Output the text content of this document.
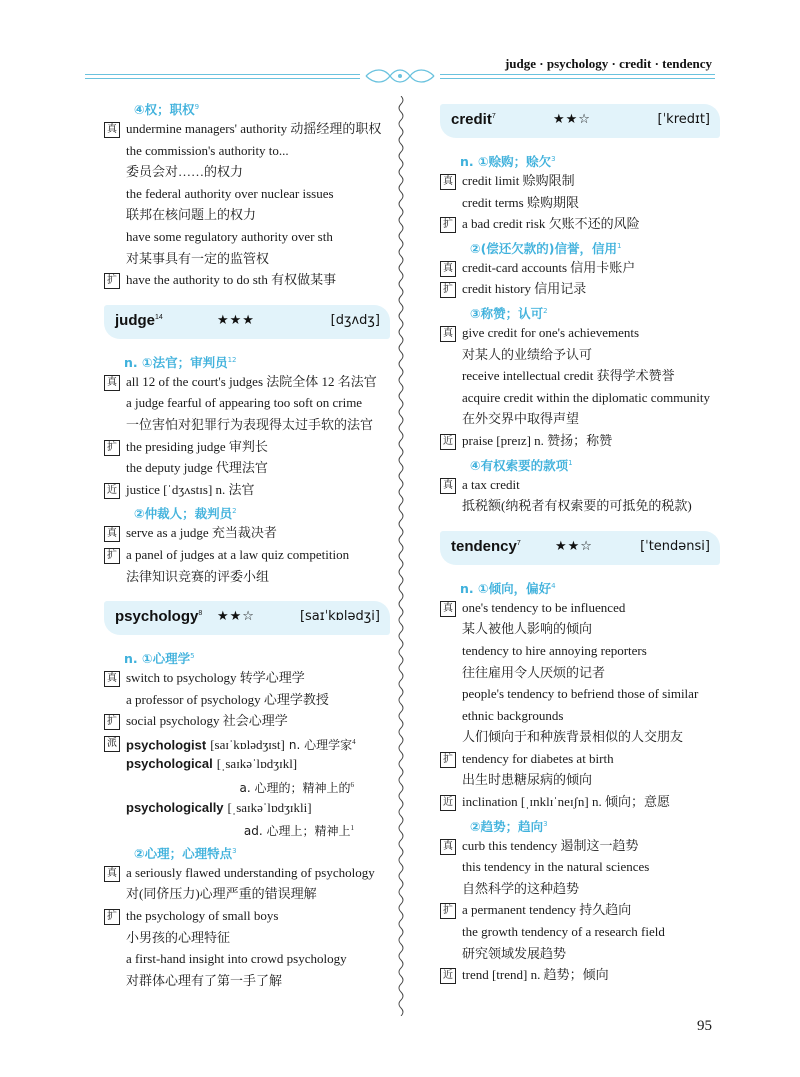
judge · psychology · credit · tendency
④权；职权$^9$
真 undermine managers' authority 动摇经理的职权
the commission's authority to...
委员会对……的权力
the federal authority over nuclear issues
联邦在核问题上的权力
have some regulatory authority over sth
对某事具有一定的监管权
扩 have the authority to do sth 有权做某事
judge$^{14}$	★★★	[dʒʌdʒ]
n. ①法官；审判员$^{12}$
真 all 12 of the court's judges 法院全体 12 名法官
a judge fearful of appearing too soft on crime
一位害怕对犯罪行为表现得太过手软的法官
扩 the presiding judge 审判长
the deputy judge 代理法官
近 justice [ˈdʒʌstɪs] n. 法官
②仲裁人；裁判员$^2$
真 serve as a judge 充当裁决者
扩 a panel of judges at a law quiz competition
法律知识竞赛的评委小组
psychology$^8$ ★★☆	[saɪˈkɒlədʒi]
n. ①心理学$^5$
真 switch to psychology 转学心理学
a professor of psychology 心理学教授
扩 social psychology 社会心理学
派 psychologist [saɪˈkɒlədʒɪst] n. 心理学家$^4$
psychological [ˌsaɪkəˈlɒdʒɪkl]
a. 心理的；精神上的$^6$
psychologically [ˌsaɪkəˈlɒdʒɪkli]
ad. 心理上；精神上$^1$
②心理；心理特点$^3$
真 a seriously flawed understanding of psychology
对(同侪压力)心理严重的错误理解
扩 the psychology of small boys
小男孩的心理特征
a first-hand insight into crowd psychology
对群体心理有了第一手了解
credit$^7$	★★☆	[ˈkredɪt]
n. ①赊购；赊欠$^3$
真 credit limit 赊购限制
credit terms 赊购期限
扩 a bad credit risk 欠账不还的风险
②(偿还欠款的)信誉，信用$^1$
真 credit-card accounts 信用卡账户
扩 credit history 信用记录
③称赞；认可$^2$
真 give credit for one's achievements
对某人的业绩给予认可
receive intellectual credit 获得学术赞誉
acquire credit within the diplomatic community
在外交界中取得声望
近 praise [preɪz] n. 赞扬；称赞
④有权索要的款项$^1$
真 a tax credit
抵税额(纳税者有权索要的可抵免的税款)
tendency$^7$	★★☆	[ˈtendənsi]
n. ①倾向，偏好$^4$
真 one's tendency to be influenced
某人被他人影响的倾向
tendency to hire annoying reporters
往往雇用令人厌烦的记者
people's tendency to befriend those of similar
ethnic backgrounds
人们倾向于和种族背景相似的人交朋友
扩 tendency for diabetes at birth
出生时患糖尿病的倾向
近 inclination [ˌɪnklɪˈneɪʃn] n. 倾向；意愿
②趋势；趋向$^3$
真 curb this tendency 遏制这一趋势
this tendency in the natural sciences
自然科学的这种趋势
扩 a permanent tendency 持久趋向
the growth tendency of a research field
研究领域发展趋势
近 trend [trend] n. 趋势；倾向
95
